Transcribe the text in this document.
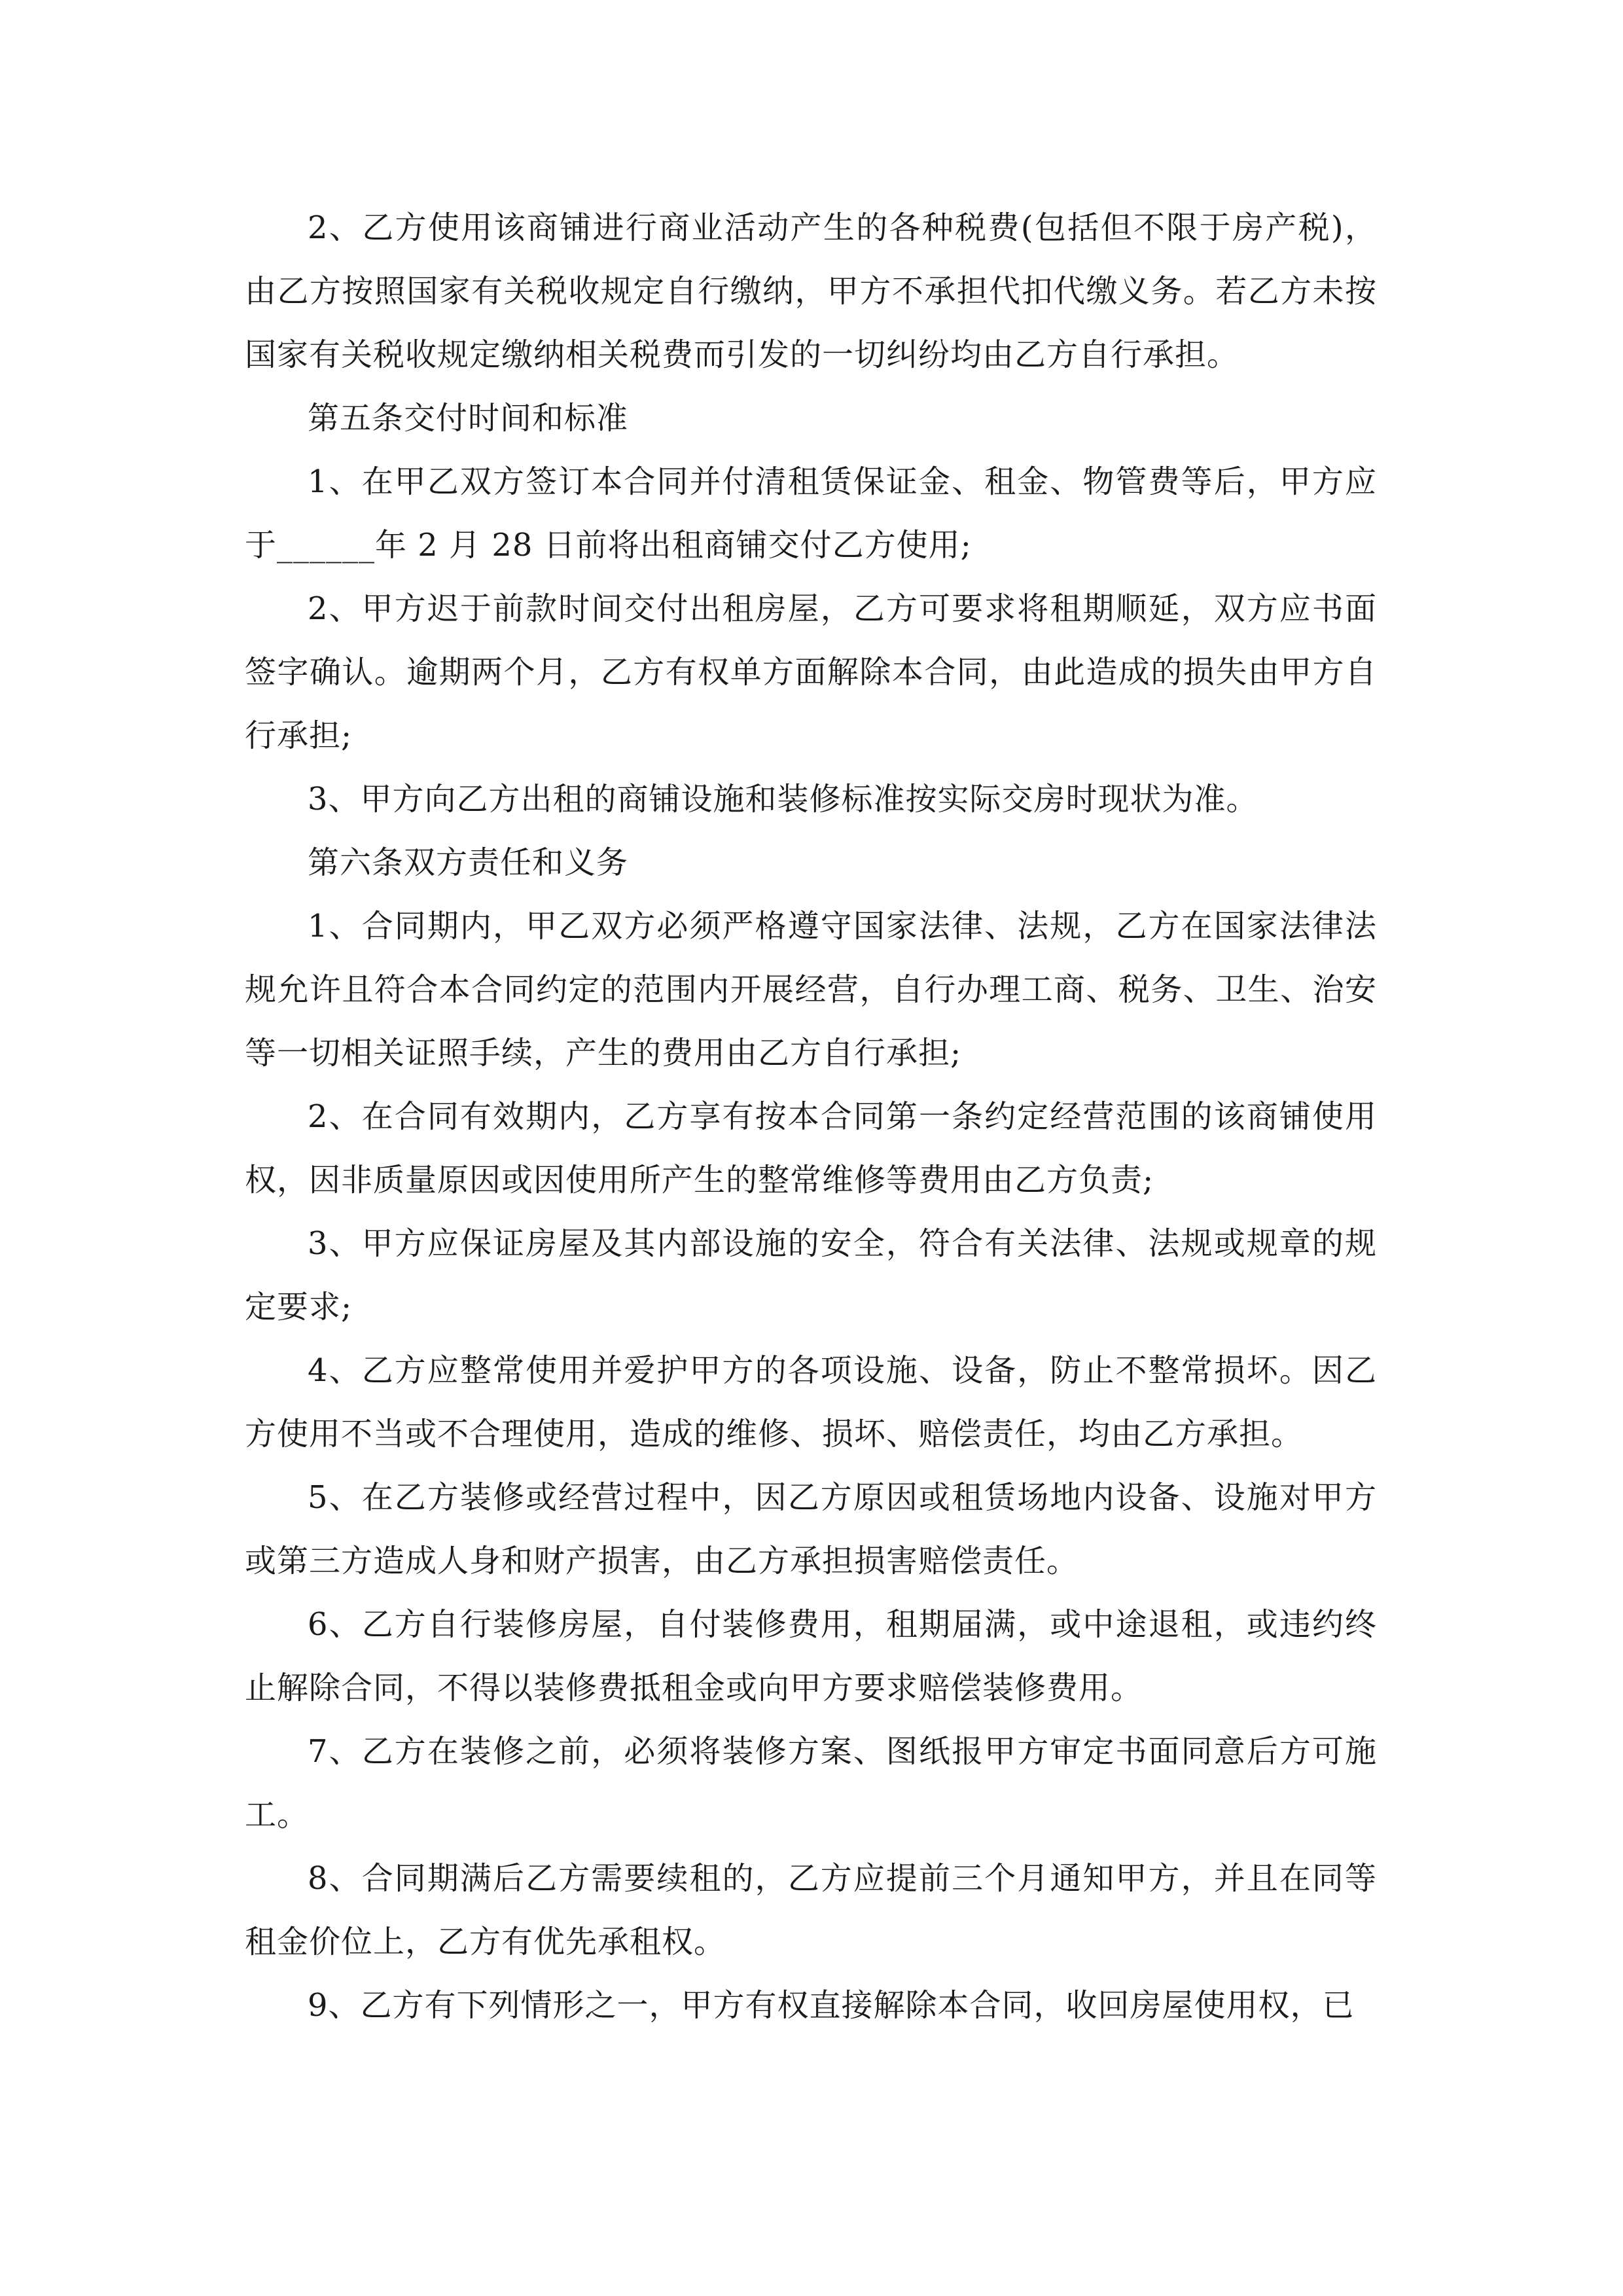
2、乙方使用该商铺进行商业活动产生的各种税费(包括但不限于房产税)，由乙方按照国家有关税收规定自行缴纳，甲方不承担代扣代缴义务。若乙方未按国家有关税收规定缴纳相关税费而引发的一切纠纷均由乙方自行承担。

第五条交付时间和标准

1、在甲乙双方签订本合同并付清租赁保证金、租金、物管费等后，甲方应于______年 2 月 28 日前将出租商铺交付乙方使用;

2、甲方迟于前款时间交付出租房屋，乙方可要求将租期顺延，双方应书面签字确认。逾期两个月，乙方有权单方面解除本合同，由此造成的损失由甲方自行承担;

3、甲方向乙方出租的商铺设施和装修标准按实际交房时现状为准。

第六条双方责任和义务

1、合同期内，甲乙双方必须严格遵守国家法律、法规，乙方在国家法律法规允许且符合本合同约定的范围内开展经营，自行办理工商、税务、卫生、治安等一切相关证照手续，产生的费用由乙方自行承担;

2、在合同有效期内，乙方享有按本合同第一条约定经营范围的该商铺使用权，因非质量原因或因使用所产生的整常维修等费用由乙方负责;

3、甲方应保证房屋及其内部设施的安全，符合有关法律、法规或规章的规定要求;

4、乙方应整常使用并爱护甲方的各项设施、设备，防止不整常损坏。因乙方使用不当或不合理使用，造成的维修、损坏、赔偿责任，均由乙方承担。

5、在乙方装修或经营过程中，因乙方原因或租赁场地内设备、设施对甲方或第三方造成人身和财产损害，由乙方承担损害赔偿责任。

6、乙方自行装修房屋，自付装修费用，租期届满，或中途退租，或违约终止解除合同，不得以装修费抵租金或向甲方要求赔偿装修费用。

7、乙方在装修之前，必须将装修方案、图纸报甲方审定书面同意后方可施工。

8、合同期满后乙方需要续租的，乙方应提前三个月通知甲方，并且在同等租金价位上，乙方有优先承租权。

9、乙方有下列情形之一，甲方有权直接解除本合同，收回房屋使用权，已
